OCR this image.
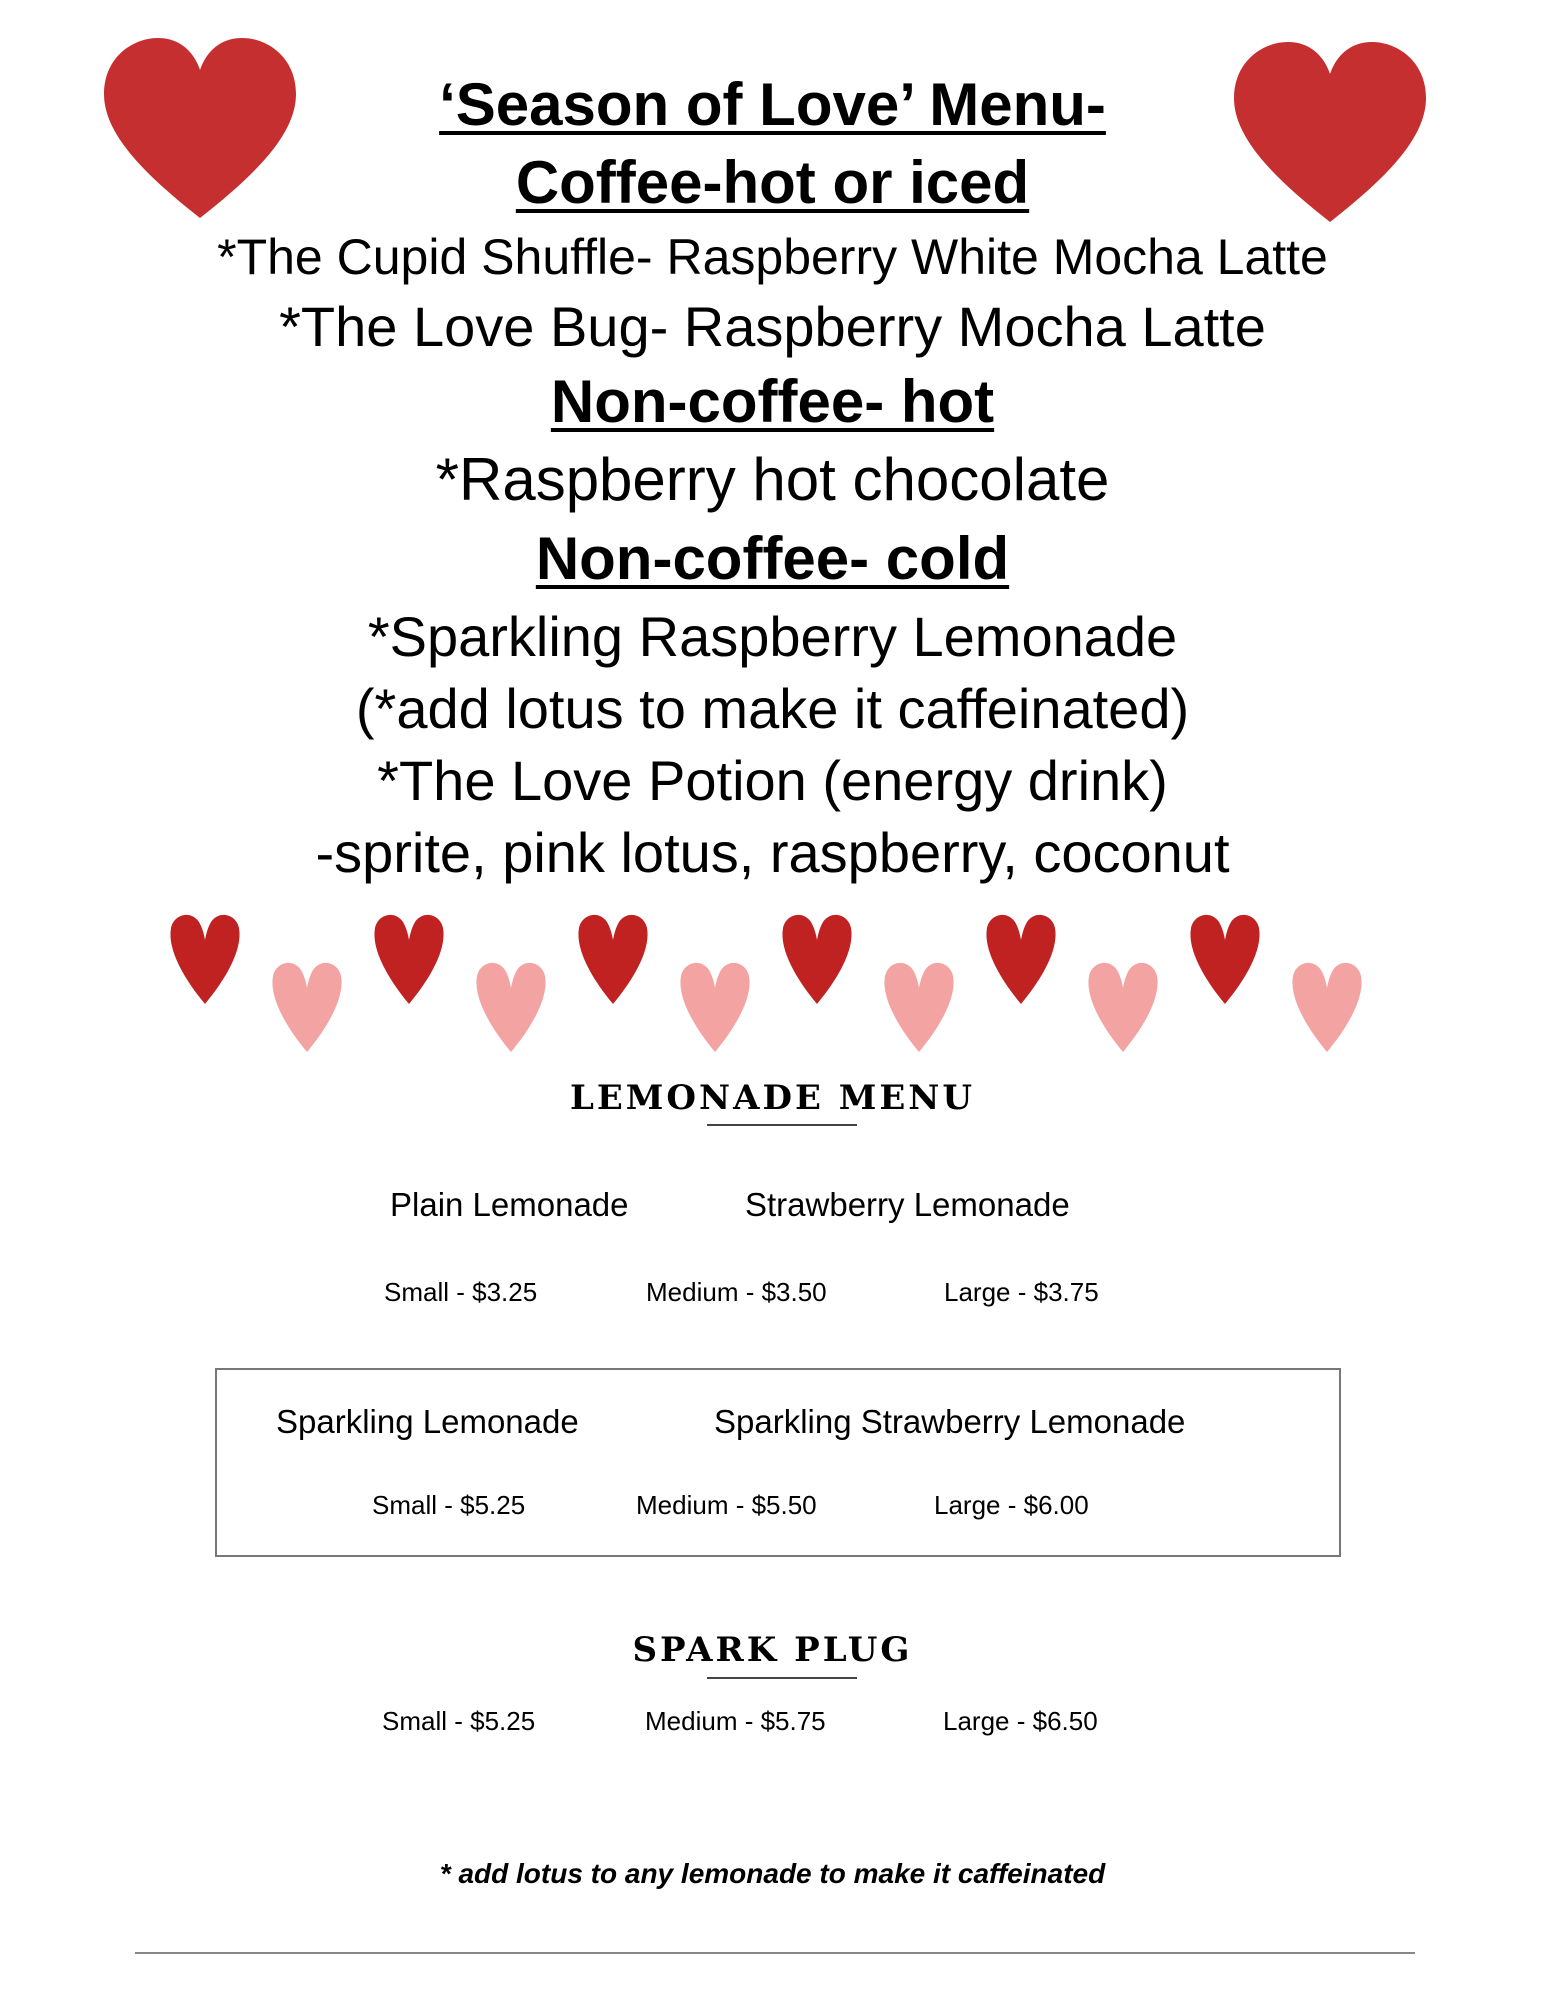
‘Season of Love’ Menu-
Coffee-hot or iced
*The Cupid Shuffle- Raspberry White Mocha Latte
*The Love Bug- Raspberry Mocha Latte
Non-coffee- hot
*Raspberry hot chocolate
Non-coffee- cold
*Sparkling Raspberry Lemonade
(*add lotus to make it caffeinated)
*The Love Potion (energy drink)
-sprite, pink lotus, raspberry, coconut
LEMONADE MENU
Plain Lemonade	Strawberry Lemonade
Small - $3.25	Medium - $3.50	Large - $3.75
Sparkling Lemonade	Sparkling Strawberry Lemonade
Small - $5.25	Medium - $5.50	Large - $6.00
SPARK PLUG
Small - $5.25	Medium - $5.75	Large - $6.50
* add lotus to any lemonade to make it caffeinated
